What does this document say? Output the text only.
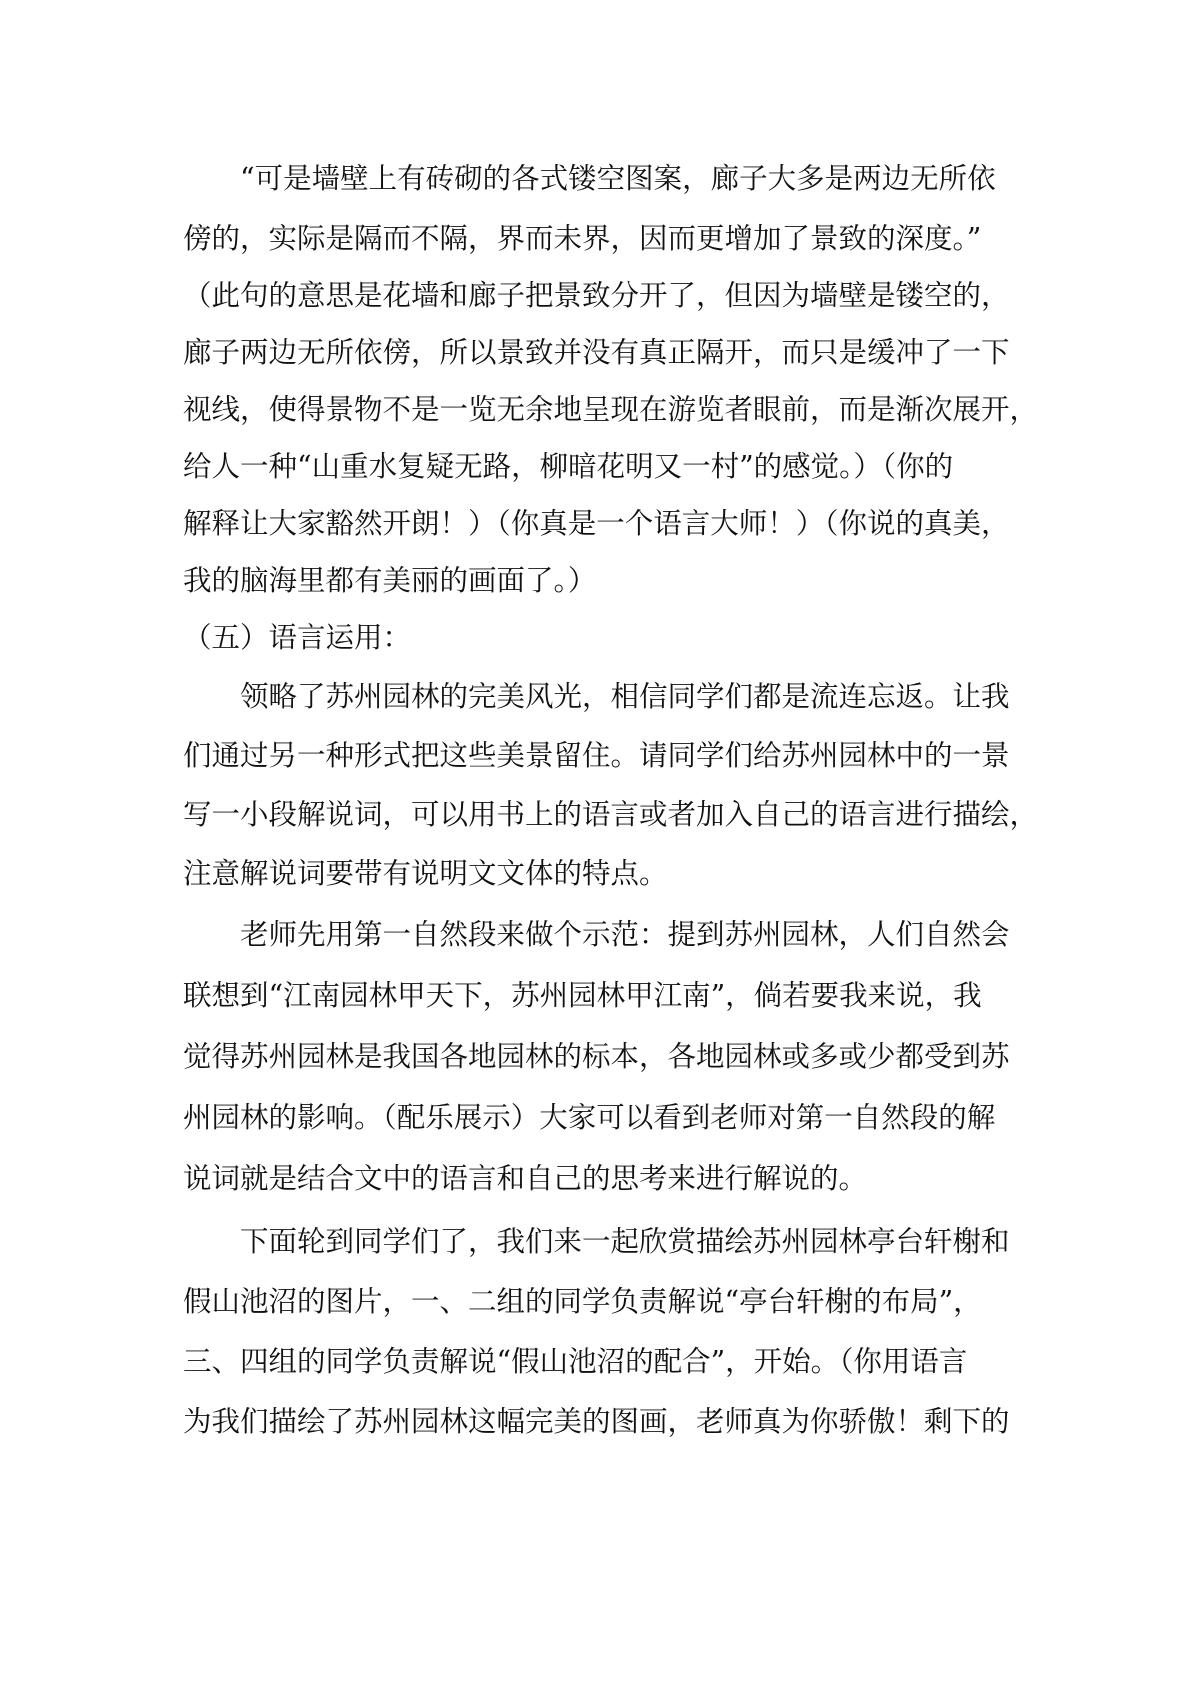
“可是墙壁上有砖砌的各式镂空图案，廊子大多是两边无所依
傍的，实际是隔而不隔，界而未界，因而更增加了景致的深度。”
（此句的意思是花墙和廊子把景致分开了，但因为墙壁是镂空的，
廊子两边无所依傍，所以景致并没有真正隔开，而只是缓冲了一下
视线，使得景物不是一览无余地呈现在游览者眼前，而是渐次展开，
给人一种“山重水复疑无路，柳暗花明又一村”的感觉。）（你的
解释让大家豁然开朗！）（你真是一个语言大师！）（你说的真美，
我的脑海里都有美丽的画面了。）
（五）语言运用：
领略了苏州园林的完美风光，相信同学们都是流连忘返。让我
们通过另一种形式把这些美景留住。请同学们给苏州园林中的一景
写一小段解说词，可以用书上的语言或者加入自己的语言进行描绘，
注意解说词要带有说明文文体的特点。
老师先用第一自然段来做个示范：提到苏州园林，人们自然会
联想到“江南园林甲天下，苏州园林甲江南”，倘若要我来说，我
觉得苏州园林是我国各地园林的标本，各地园林或多或少都受到苏
州园林的影响。（配乐展示）大家可以看到老师对第一自然段的解
说词就是结合文中的语言和自己的思考来进行解说的。
下面轮到同学们了，我们来一起欣赏描绘苏州园林亭台轩榭和
假山池沼的图片，一、二组的同学负责解说“亭台轩榭的布局”，
三、四组的同学负责解说“假山池沼的配合”，开始。（你用语言
为我们描绘了苏州园林这幅完美的图画，老师真为你骄傲！剩下的
